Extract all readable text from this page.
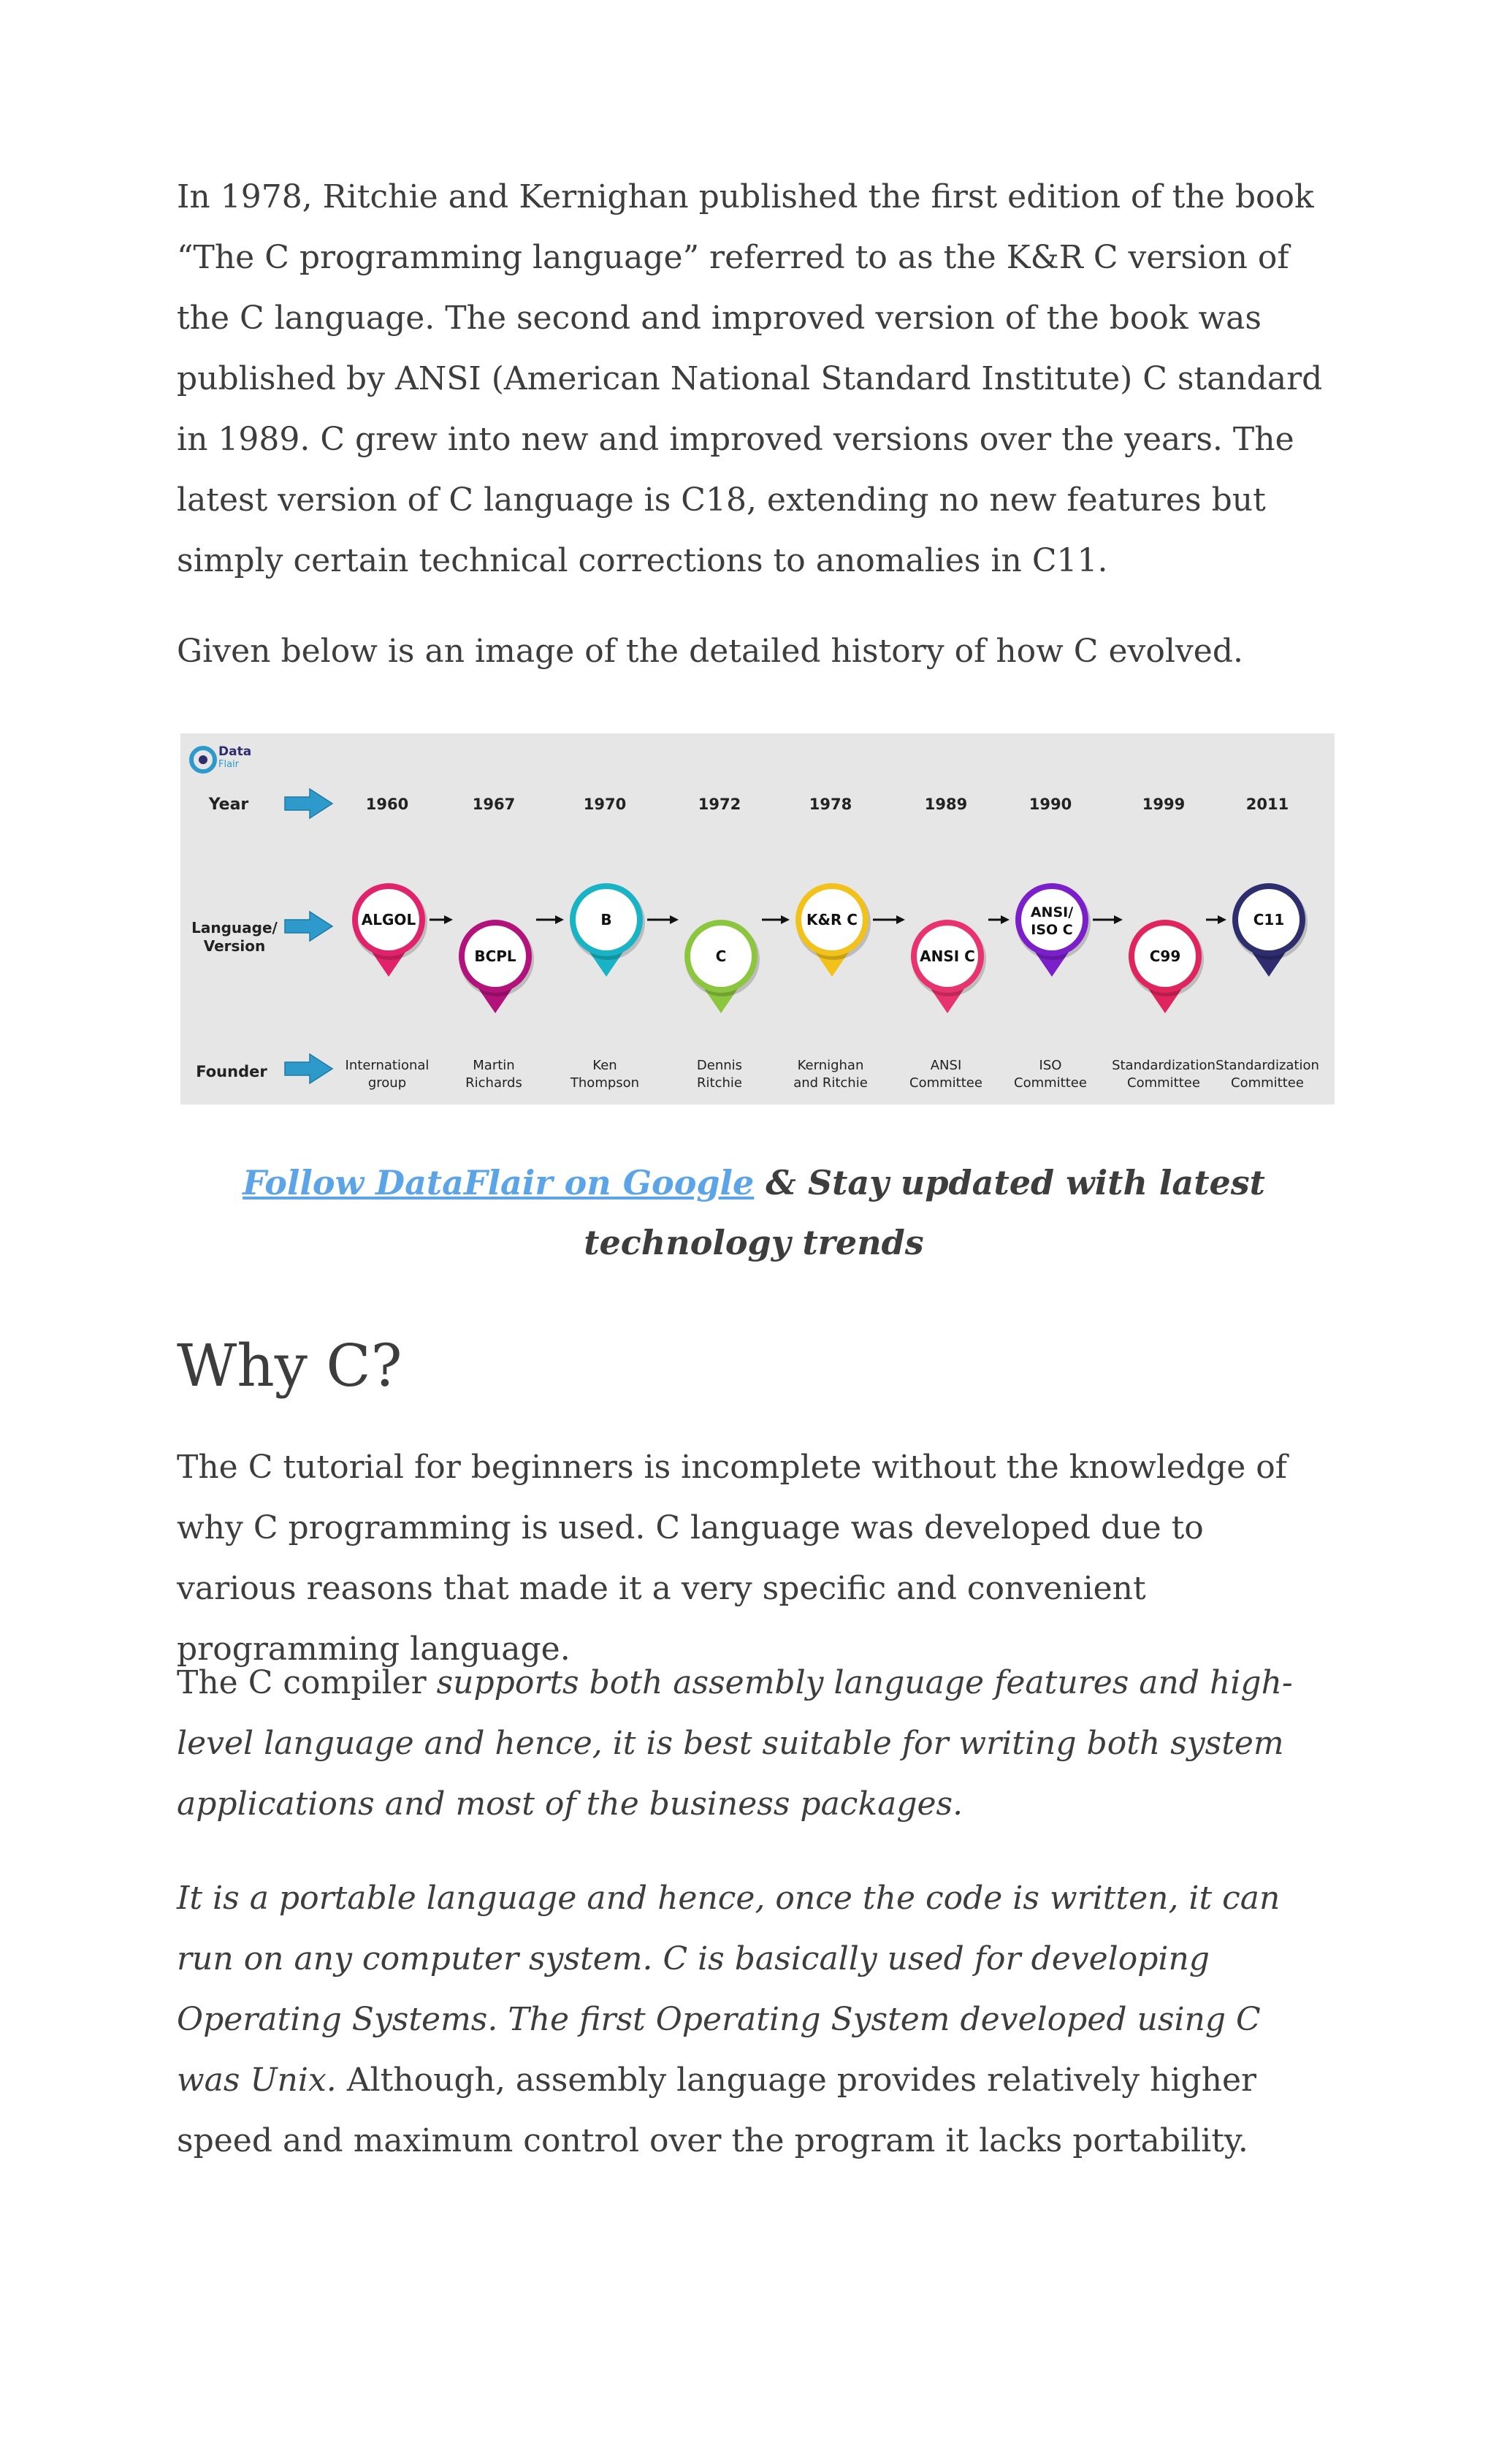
In 1978, Ritchie and Kernighan published the first edition of the book “The C programming language” referred to as the K&R C version of the C language. The second and improved version of the book was published by ANSI (American National Standard Institute) C standard in 1989. C grew into new and improved versions over the years. The latest version of C language is C18, extending no new features but simply certain technical corrections to anomalies in C11.

Given below is an image of the detailed history of how C evolved.

Follow DataFlair on Google & Stay updated with latest technology trends
Why C?

The C tutorial for beginners is incomplete without the knowledge of why C programming is used. C language was developed due to various reasons that made it a very specific and convenient programming language.

The C compiler supports both assembly language features and high-level language and hence, it is best suitable for writing both system applications and most of the business packages.

It is a portable language and hence, once the code is written, it can run on any computer system. C is basically used for developing Operating Systems. The first Operating System developed using C was Unix. Although, assembly language provides relatively higher speed and maximum control over the program it lacks portability.

Data
Flair
Year
Language/
Version
Founder
1960
ALGOL
International
group
1967
BCPL
Martin
Richards
1970
B
Ken
Thompson
1972
C
Dennis
Ritchie
1978
K&R C
Kernighan
and Ritchie
1989
ANSI C
ANSI
Committee
1990
ANSI/
ISO C
ISO
Committee
1999
C99
Standardization
Committee
2011
C11
Standardization
Committee
